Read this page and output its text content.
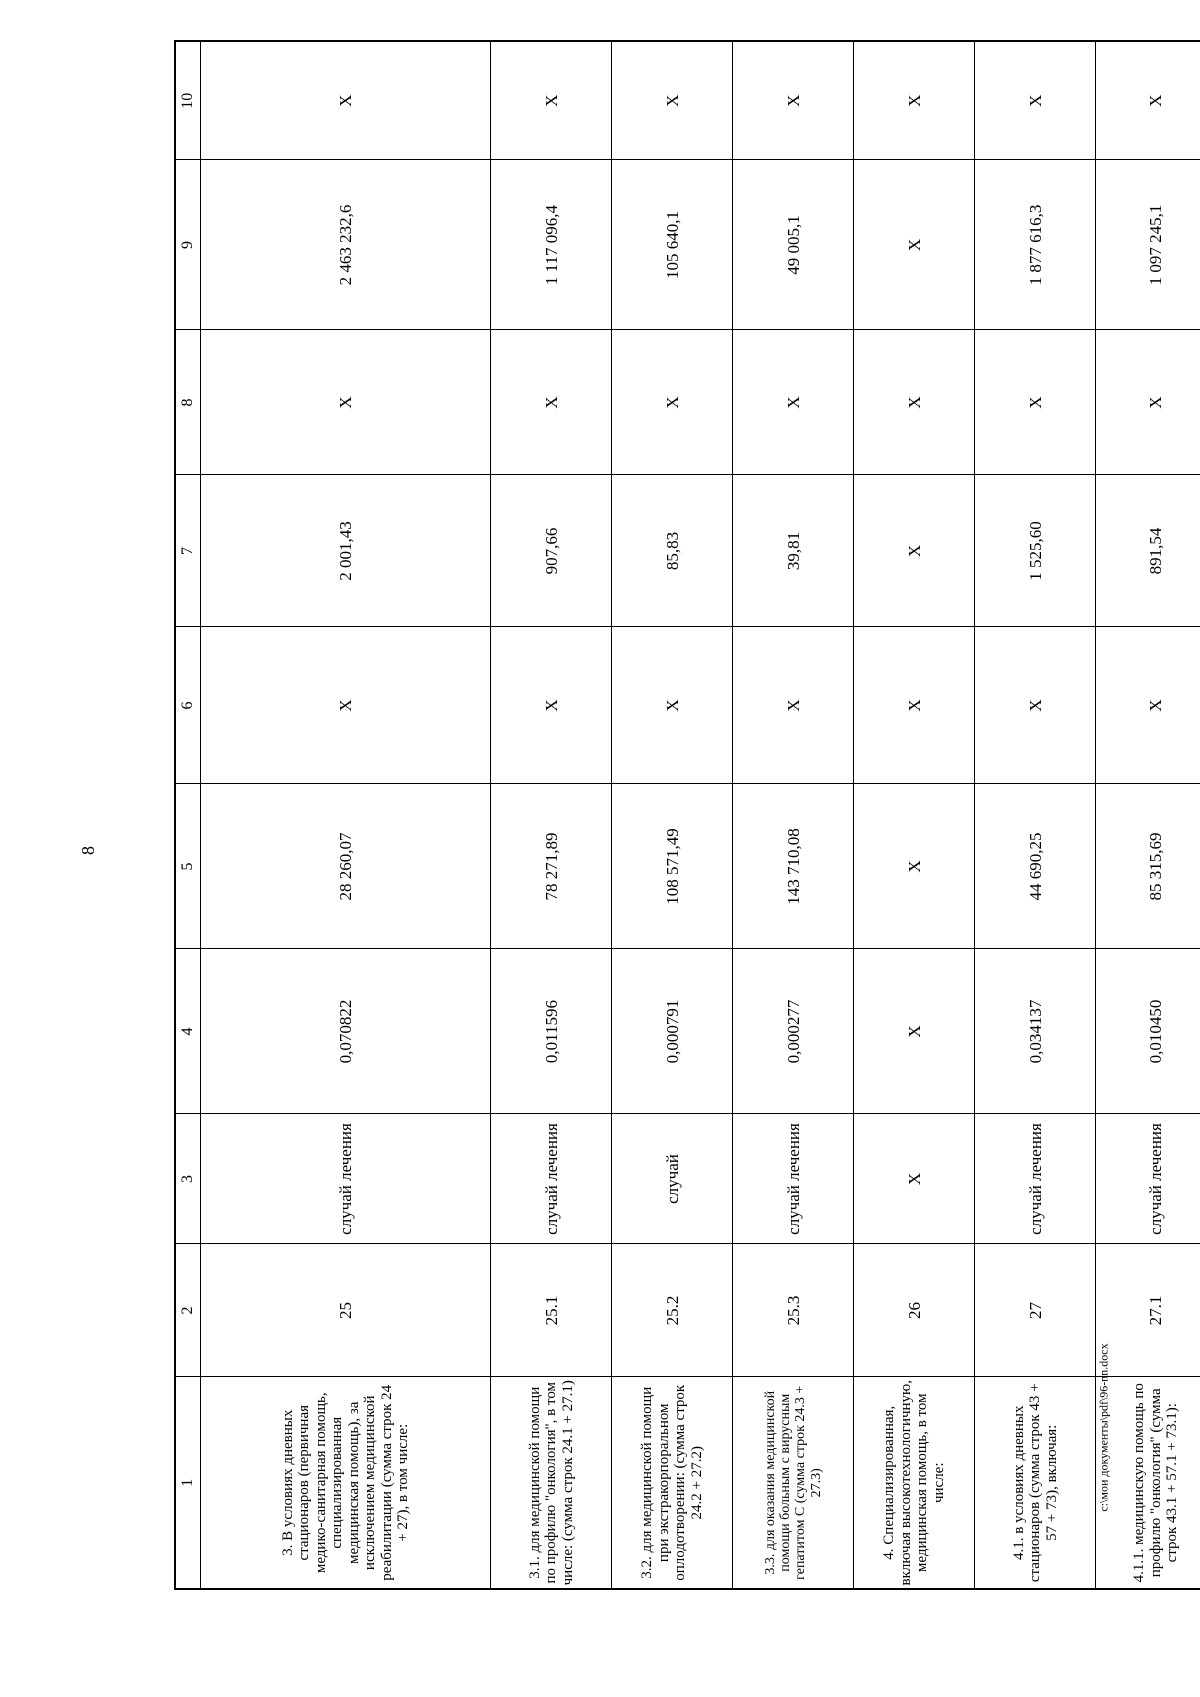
8
1	2	3	4	5	6	7	8	9	10
3. В условиях дневных стационаров (первичная медико-санитарная помощь, специализированная медицинская помощь), за исключением медицинской реабилитации (сумма строк 24 + 27), в том числе:	25	случай лечения	0,070822	28 260,07	X	2 001,43	X	2 463 232,6	X
3.1. для медицинской помощи по профилю "онкология", в том числе: (сумма строк 24.1 + 27.1)	25.1	случай лечения	0,011596	78 271,89	X	907,66	X	1 117 096,4	X
3.2. для медицинской помощи при экстракорпоральном оплодотворении: (сумма строк 24.2 + 27.2)	25.2	случай	0,000791	108 571,49	X	85,83	X	105 640,1	X
3.3. для оказания медицинской помощи больным с вирусным гепатитом С (сумма строк 24.3 + 27.3)	25.3	случай лечения	0,000277	143 710,08	X	39,81	X	49 005,1	X
4. Специализированная, включая высокотехнологичную, медицинская помощь, в том числе:	26	X	X	X	X	X	X	X	X
4.1. в условиях дневных стационаров (сумма строк 43 + 57 + 73), включая:	27	случай лечения	0,034137	44 690,25	X	1 525,60	X	1 877 616,3	X
4.1.1. медицинскую помощь по профилю "онкология" (сумма строк 43.1 + 57.1 + 73.1):	27.1	случай лечения	0,010450	85 315,69	X	891,54	X	1 097 245,1	X
c:\мои документы\pdf\96-nn.docx
